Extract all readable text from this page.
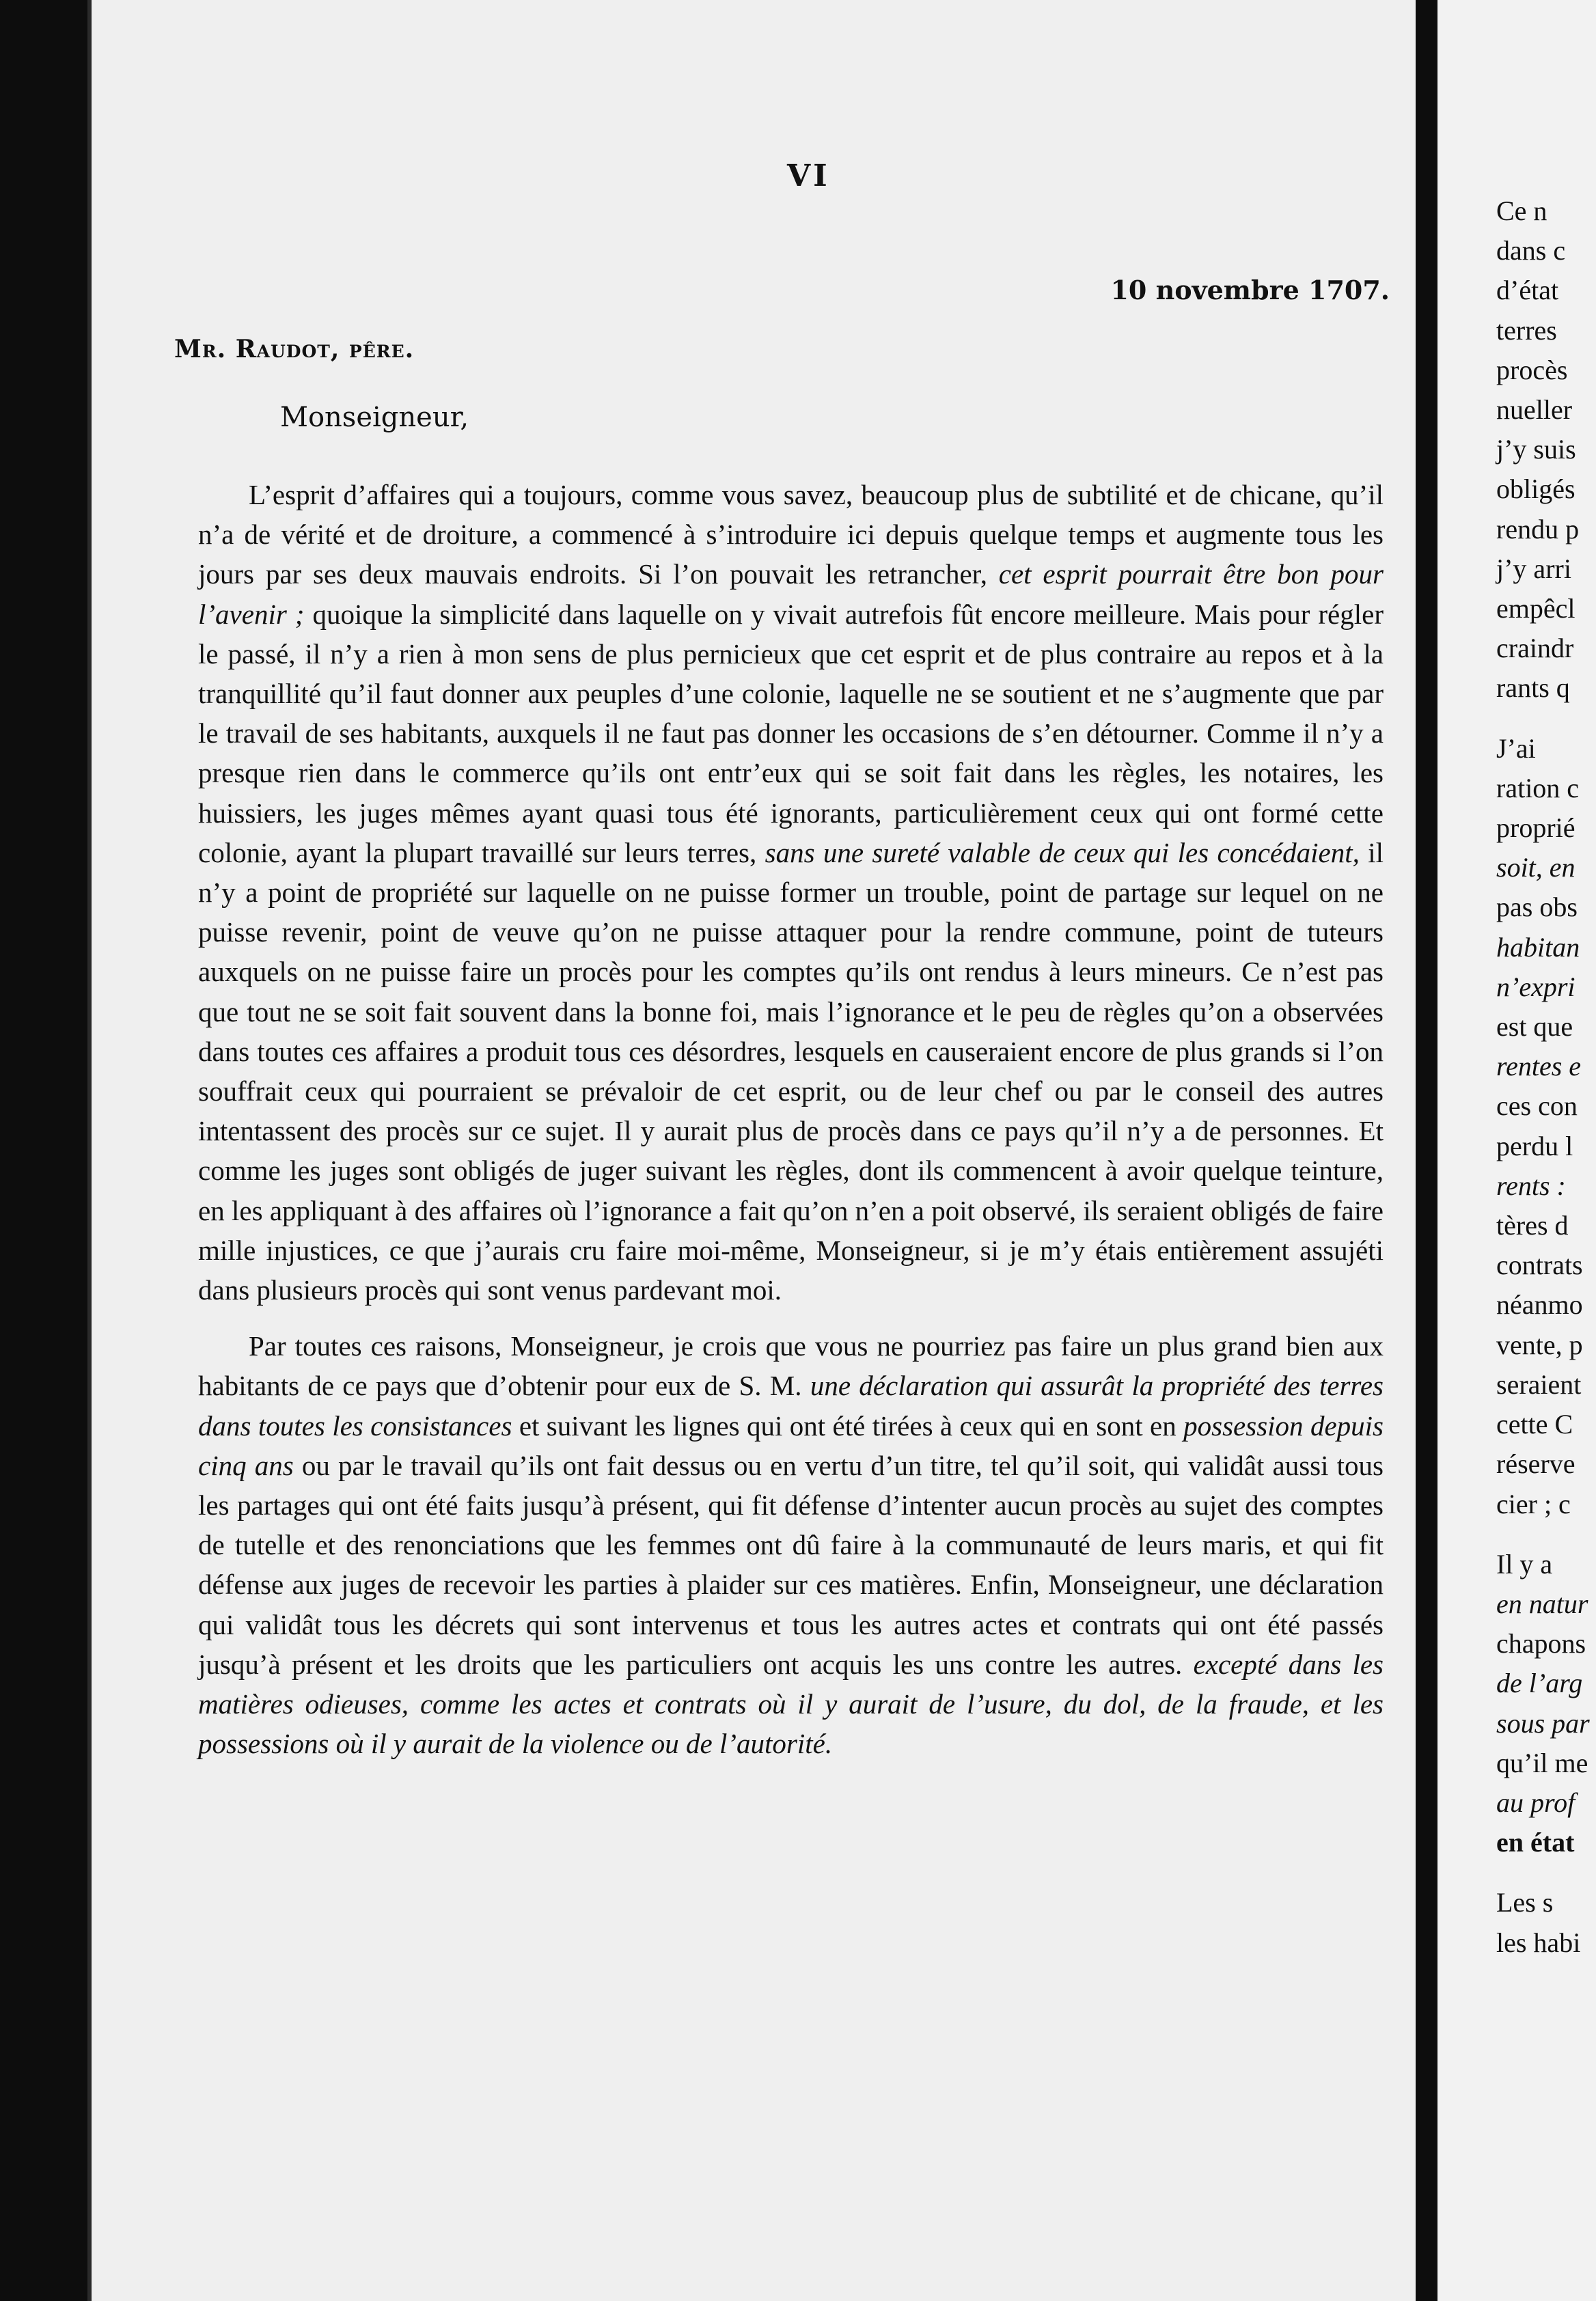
VI
10 novembre 1707.
Mr. Raudot, pêre.
Monseigneur,

L’esprit d’affaires qui a toujours, comme vous savez, beaucoup plus de subtilité et de chicane, qu’il n’a de vérité et de droiture, a commencé à s’introduire ici depuis quelque temps et augmente tous les jours par ses deux mauvais endroits. Si l’on pouvait les retrancher, cet esprit pourrait être bon pour l’avenir ; quoique la simplicité dans laquelle on y vivait autrefois fût encore meilleure. Mais pour régler le passé, il n’y a rien à mon sens de plus pernicieux que cet esprit et de plus contraire au repos et à la tranquillité qu’il faut donner aux peuples d’une colonie, laquelle ne se soutient et ne s’augmente que par le travail de ses habitants, auxquels il ne faut pas donner les occasions de s’en détourner. Comme il n’y a presque rien dans le commerce qu’ils ont entr’eux qui se soit fait dans les règles, les notaires, les huissiers, les juges mêmes ayant quasi tous été ignorants, particulièrement ceux qui ont formé cette colonie, ayant la plupart travaillé sur leurs terres, sans une sureté valable de ceux qui les concédaient, il n’y a point de propriété sur laquelle on ne puisse former un trouble, point de partage sur lequel on ne puisse revenir, point de veuve qu’on ne puisse attaquer pour la rendre commune, point de tuteurs auxquels on ne puisse faire un procès pour les comptes qu’ils ont rendus à leurs mineurs. Ce n’est pas que tout ne se soit fait souvent dans la bonne foi, mais l’ignorance et le peu de règles qu’on a observées dans toutes ces affaires a produit tous ces désordres, lesquels en causeraient encore de plus grands si l’on souffrait ceux qui pourraient se prévaloir de cet esprit, ou de leur chef ou par le conseil des autres intentassent des procès sur ce sujet. Il y aurait plus de procès dans ce pays qu’il n’y a de personnes. Et comme les juges sont obligés de juger suivant les règles, dont ils commencent à avoir quelque teinture, en les appliquant à des affaires où l’ignorance a fait qu’on n’en a poit observé, ils seraient obligés de faire mille injustices, ce que j’aurais cru faire moi-même, Monseigneur, si je m’y étais entièrement assujéti dans plusieurs procès qui sont venus pardevant moi.

Par toutes ces raisons, Monseigneur, je crois que vous ne pourriez pas faire un plus grand bien aux habitants de ce pays que d’obtenir pour eux de S. M. une déclaration qui assurât la propriété des terres dans toutes les consistances et suivant les lignes qui ont été tirées à ceux qui en sont en possession depuis cinq ans ou par le travail qu’ils ont fait dessus ou en vertu d’un titre, tel qu’il soit, qui validât aussi tous les partages qui ont été faits jusqu’à présent, qui fit défense d’intenter aucun procès au sujet des comptes de tutelle et des renonciations que les femmes ont dû faire à la communauté de leurs maris, et qui fit défense aux juges de recevoir les parties à plaider sur ces matières. Enfin, Monseigneur, une déclaration qui validât tous les décrets qui sont intervenus et tous les autres actes et contrats qui ont été passés jusqu’à présent et les droits que les particuliers ont acquis les uns contre les autres. excepté dans les matières odieuses, comme les actes et contrats où il y aurait de l’usure, du dol, de la fraude, et les possessions où il y aurait de la violence ou de l’autorité.

Ce n
dans c
d’état
terres
procès
nueller
j’y suis
obligés
rendu p
j’y arri
empêcl
craindr
rants q
J’ai
ration c
proprié
soit, en
pas obs
habitan
n’expri
est que
rentes e
ces con
perdu l
rents :
tères d
contrats
néanmo
vente, p
seraient
cette C
réserve
cier ; c
Il y a
en natur
chapons
de l’arg
sous par
qu’il me
au prof
en état
Les s
les habi
